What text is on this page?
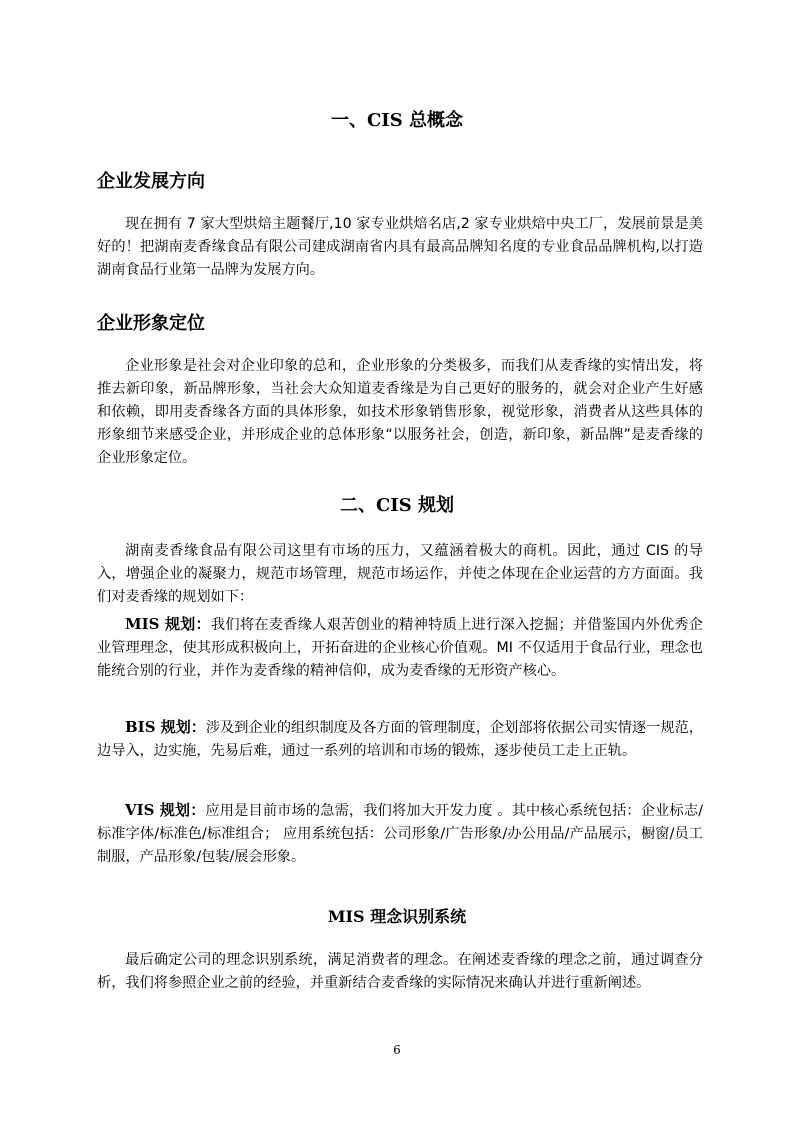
一、CIS 总概念
企业发展方向

现在拥有 7 家大型烘焙主题餐厅,10 家专业烘焙名店,2 家专业烘焙中央工厂，发展前景是美好的！把湖南麦香缘食品有限公司建成湖南省内具有最高品牌知名度的专业食品品牌机构,以打造湖南食品行业第一品牌为发展方向。

企业形象定位

企业形象是社会对企业印象的总和，企业形象的分类极多，而我们从麦香缘的实情出发，将推去新印象，新品牌形象，当社会大众知道麦香缘是为自己更好的服务的，就会对企业产生好感和依赖，即用麦香缘各方面的具体形象，如技术形象销售形象，视觉形象，消费者从这些具体的形象细节来感受企业，并形成企业的总体形象“以服务社会，创造，新印象，新品牌”是麦香缘的企业形象定位。

二、CIS 规划

湖南麦香缘食品有限公司这里有市场的压力，又蕴涵着极大的商机。因此，通过 CIS 的导入，增强企业的凝聚力，规范市场管理，规范市场运作，并使之体现在企业运营的方方面面。我们对麦香缘的规划如下：

MIS 规划：我们将在麦香缘人艰苦创业的精神特质上进行深入挖掘；并借鉴国内外优秀企业管理理念，使其形成积极向上，开拓奋进的企业核心价值观。MI 不仅适用于食品行业，理念也能统合别的行业，并作为麦香缘的精神信仰，成为麦香缘的无形资产核心。

BIS 规划：涉及到企业的组织制度及各方面的管理制度，企划部将依据公司实情逐一规范，边导入，边实施，先易后难，通过一系列的培训和市场的锻炼，逐步使员工走上正轨。

VIS 规划：应用是目前市场的急需，我们将加大开发力度 。其中核心系统包括：企业标志/标准字体/标准色/标准组合； 应用系统包括：公司形象/广告形象/办公用品/产品展示，橱窗/员工制服，产品形象/包装/展会形象。

MIS 理念识别系统

最后确定公司的理念识别系统，满足消费者的理念。在阐述麦香缘的理念之前，通过调查分析，我们将参照企业之前的经验，并重新结合麦香缘的实际情况来确认并进行重新阐述。

6
